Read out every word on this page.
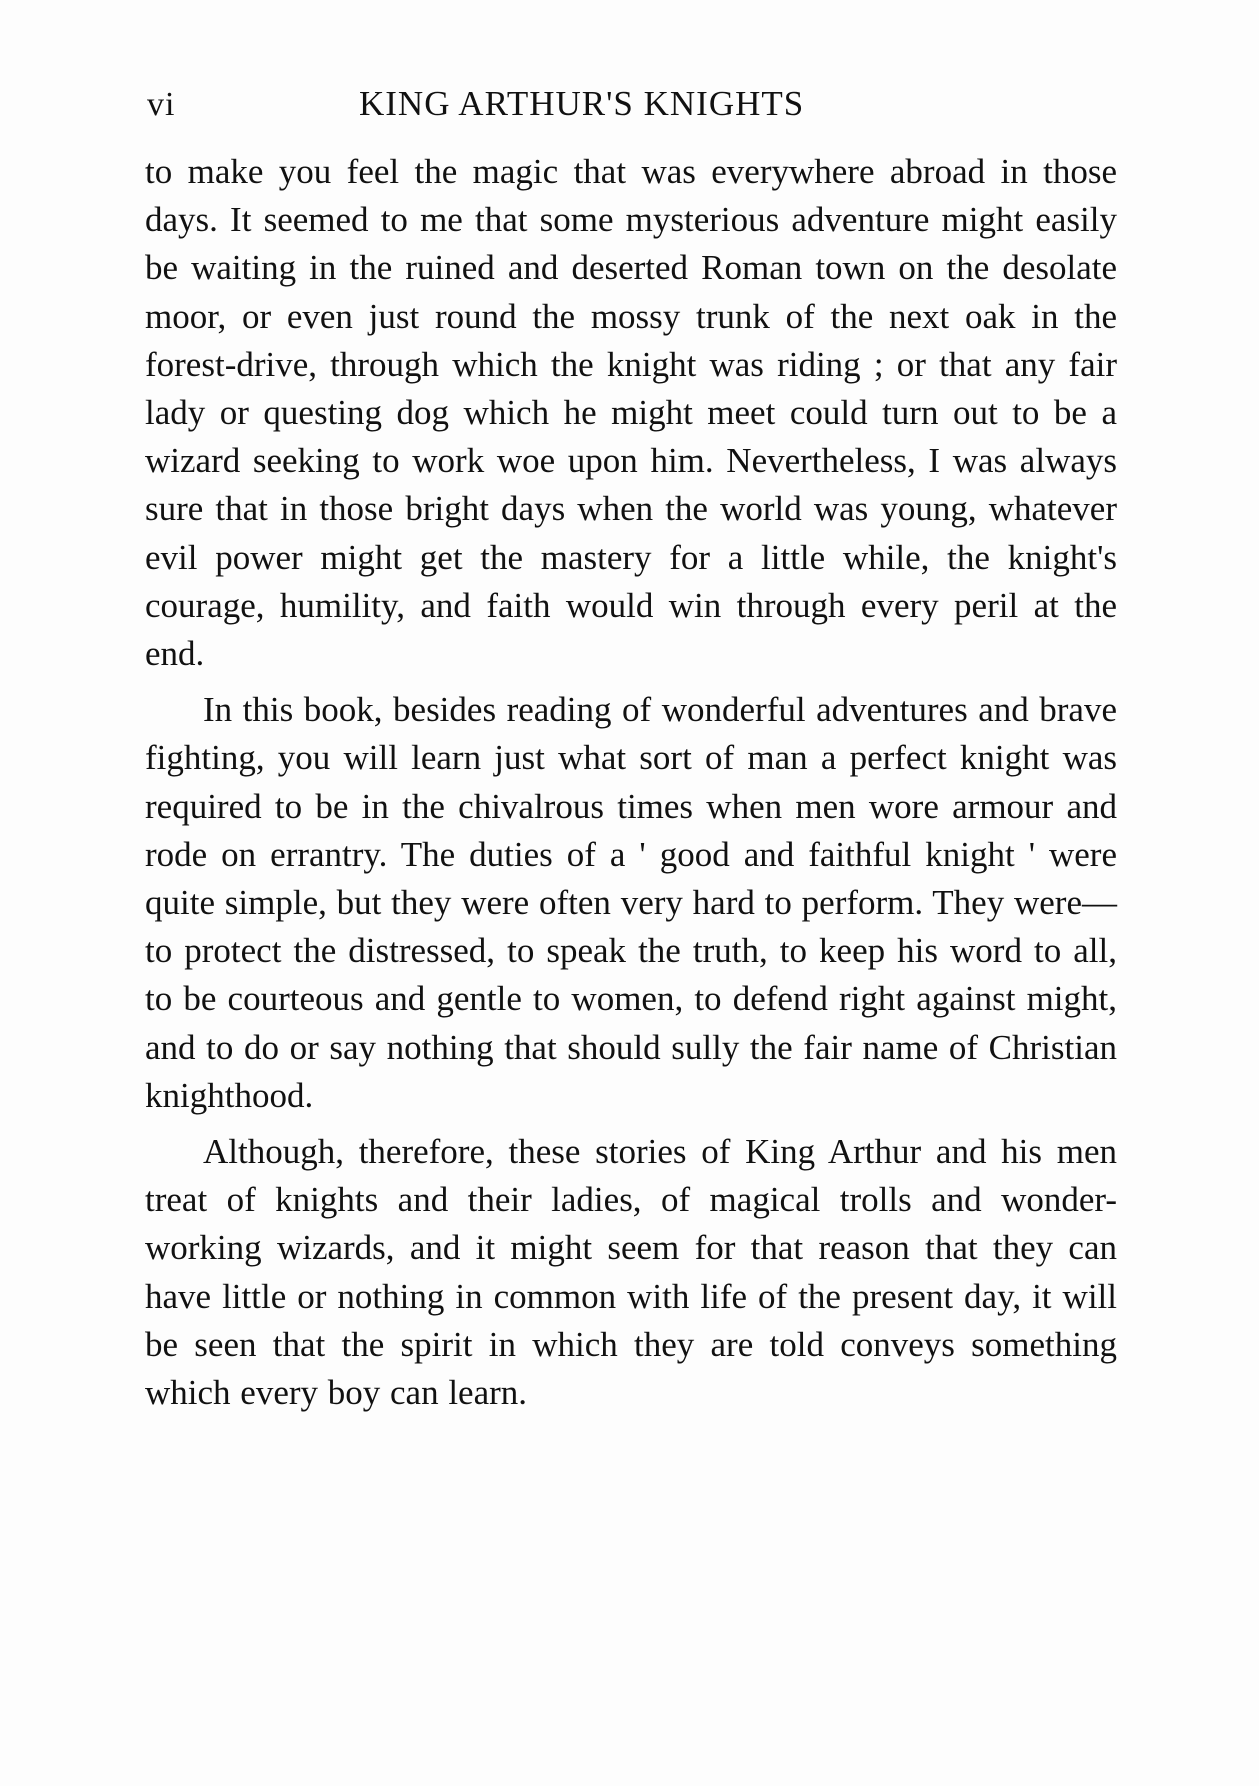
vi	KING ARTHUR'S KNIGHTS

to make you feel the magic that was everywhere abroad in those days. It seemed to me that some mysterious adventure might easily be waiting in the ruined and deserted Roman town on the desolate moor, or even just round the mossy trunk of the next oak in the forest-drive, through which the knight was riding ; or that any fair lady or questing dog which he might meet could turn out to be a wizard seeking to work woe upon him. Nevertheless, I was always sure that in those bright days when the world was young, whatever evil power might get the mastery for a little while, the knight's courage, humility, and faith would win through every peril at the end.

In this book, besides reading of wonderful adventures and brave fighting, you will learn just what sort of man a perfect knight was required to be in the chivalrous times when men wore armour and rode on errantry. The duties of a ' good and faithful knight ' were quite simple, but they were often very hard to perform. They were—to protect the distressed, to speak the truth, to keep his word to all, to be courteous and gentle to women, to defend right against might, and to do or say nothing that should sully the fair name of Christian knighthood.

Although, therefore, these stories of King Arthur and his men treat of knights and their ladies, of magical trolls and wonder-working wizards, and it might seem for that reason that they can have little or nothing in common with life of the present day, it will be seen that the spirit in which they are told conveys something which every boy can learn.
